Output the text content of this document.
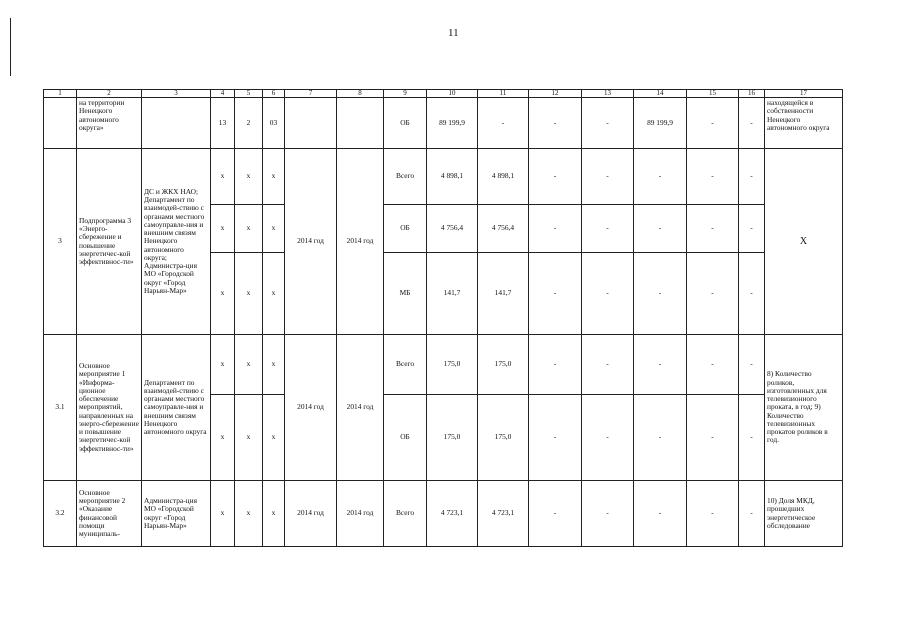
11
1	2	3	4	5	6	7	8	9	10	11	12	13	14	15	16	17
	на территории Ненецкого автономного округа»		13	2	03			ОБ	89 199,9	-	-	-	89 199,9	-	-	находящейся в собственности Ненецкого автономного округа
3	Подпрограмма 3 «Энерго-сбережение и повышение энергетичес-кой эффективнос-ти»	ДС и ЖКХ НАО; Департамент по взаимодей-ствию с органами местного самоуправле-ния и внешним связям Ненецкого автономного округа; Администра-ция МО «Городской округ «Город Нарьян-Мар»	х	х	х	2014 год	2014 год	Всего	4 898,1	4 898,1	-	-	-	-	-	Х
			х	х	х			ОБ	4 756,4	4 756,4	-	-	-	-	-	
			х	х	х			МБ	141,7	141,7	-	-	-	-	-	
3.1	Основное мероприятие 1 «Информа-ционное обеспечение мероприятий, направленных на энерго-сбережение и повышение энергетичес-кой эффективнос-ти»	Департамент по взаимодей-ствию с органами местного самоуправле-ния и внешним связям Ненецкого автономного округа	х	х	х	2014 год	2014 год	Всего	175,0	175,0	-	-	-	-	-	8) Количество роликов, изготовленных для телевизионного проката, в год; 9) Количество телевизионных прокатов роликов в год.
			х	х	х			ОБ	175,0	175,0	-	-	-	-	-	
3.2	Основное мероприятие 2 «Оказание финансовой помощи муниципаль-	Администра-ция МО «Городской округ «Город Нарьян-Мар»	х	х	х	2014 год	2014 год	Всего	4 723,1	4 723,1	-	-	-	-	-	10) Доля МКД, прошедших энергетическое обследование
